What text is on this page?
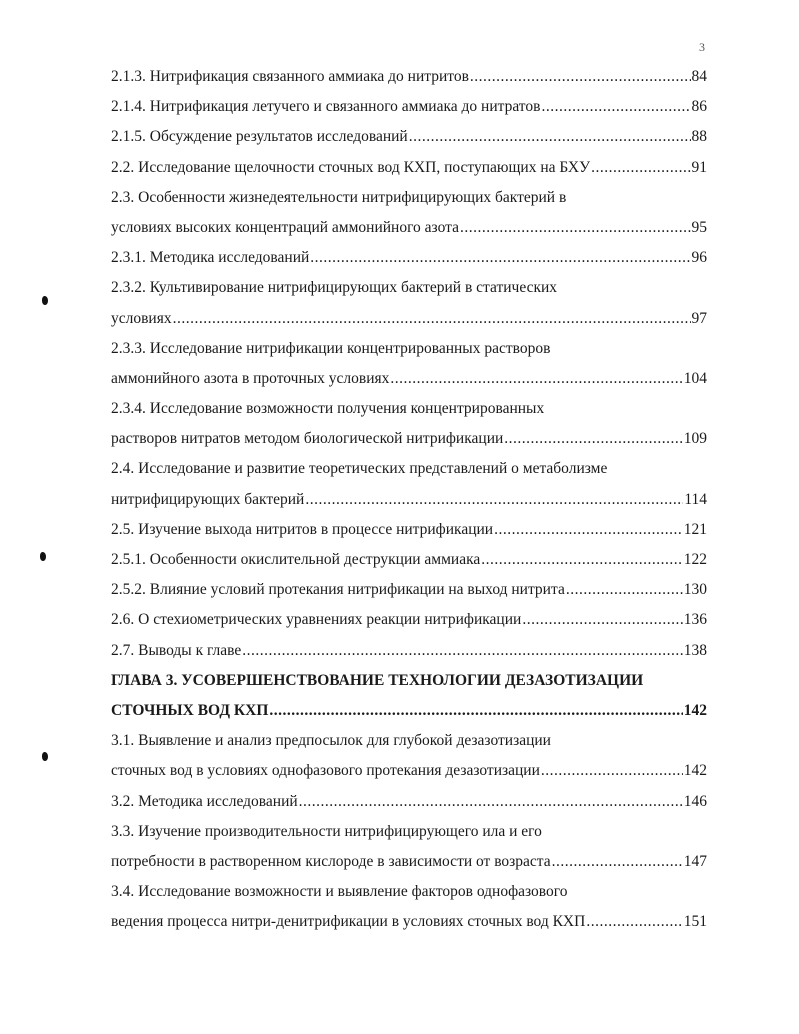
3
2.1.3. Нитрификация связанного аммиака до нитритов .....	84
2.1.4. Нитрификация летучего и связанного аммиака до нитратов .....	86
2.1.5. Обсуждение результатов исследований .....	88
2.2. Исследование щелочности сточных вод КХП, поступающих на БХУ .....	91
2.3. Особенности жизнедеятельности нитрифицирующих бактерий в
условиях высоких концентраций аммонийного азота .....	95
2.3.1. Методика исследований .....	96
2.3.2. Культивирование нитрифицирующих бактерий в статических
условиях .....	97
2.3.3. Исследование нитрификации концентрированных растворов
аммонийного азота в проточных условиях .....	104
2.3.4. Исследование возможности получения концентрированных
растворов нитратов методом биологической нитрификации .....	109
2.4. Исследование и развитие теоретических представлений о метаболизме
нитрифицирующих бактерий .....	114
2.5. Изучение выхода нитритов в процессе нитрификации .....	121
2.5.1. Особенности окислительной деструкции аммиака .....	122
2.5.2. Влияние условий протекания нитрификации на выход нитрита .....	130
2.6. О стехиометрических уравнениях реакции нитрификации .....	136
2.7. Выводы к главе .....	138
ГЛАВА 3. УСОВЕРШЕНСТВОВАНИЕ ТЕХНОЛОГИИ ДЕЗАЗОТИЗАЦИИ
СТОЧНЫХ ВОД КХП .....	142
3.1. Выявление и анализ предпосылок для глубокой дезазотизации
сточных вод в условиях однофазового протекания дезазотизации .....	142
3.2. Методика исследований .....	146
3.3. Изучение производительности нитрифицирующего ила и его
потребности в растворенном кислороде в зависимости от возраста .....	147
3.4. Исследование возможности и выявление факторов однофазового
ведения процесса нитри-денитрификации в условиях сточных вод КХП .....	151
